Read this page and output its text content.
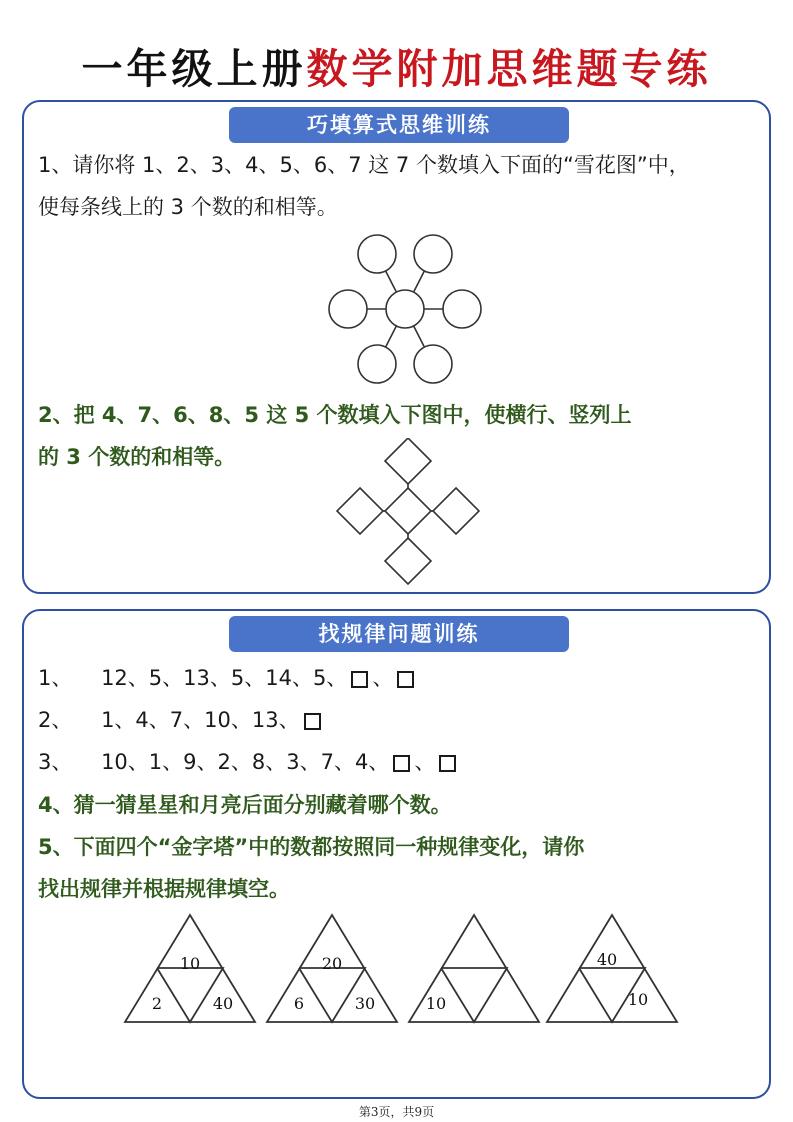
一年级上册数学附加思维题专练
巧填算式思维训练
1、请你将 1、2、3、4、5、6、7 这 7 个数填入下面的“雪花图”中，
使每条线上的 3 个数的和相等。
2、把 4、7、6、8、5 这 5 个数填入下图中，使横行、竖列上
的 3 个数的和相等。
找规律问题训练
1、 12、5、13、5、14、5、 、
2、 1、4、7、10、13、
3、 10、1、9、2、8、3、7、4、 、
4、猜一猜星星和月亮后面分别藏着哪个数。
5、下面四个“金字塔”中的数都按照同一种规律变化，请你
找出规律并根据规律填空。
10
2	40
20
6	30	10
40
10
第3页，共9页
